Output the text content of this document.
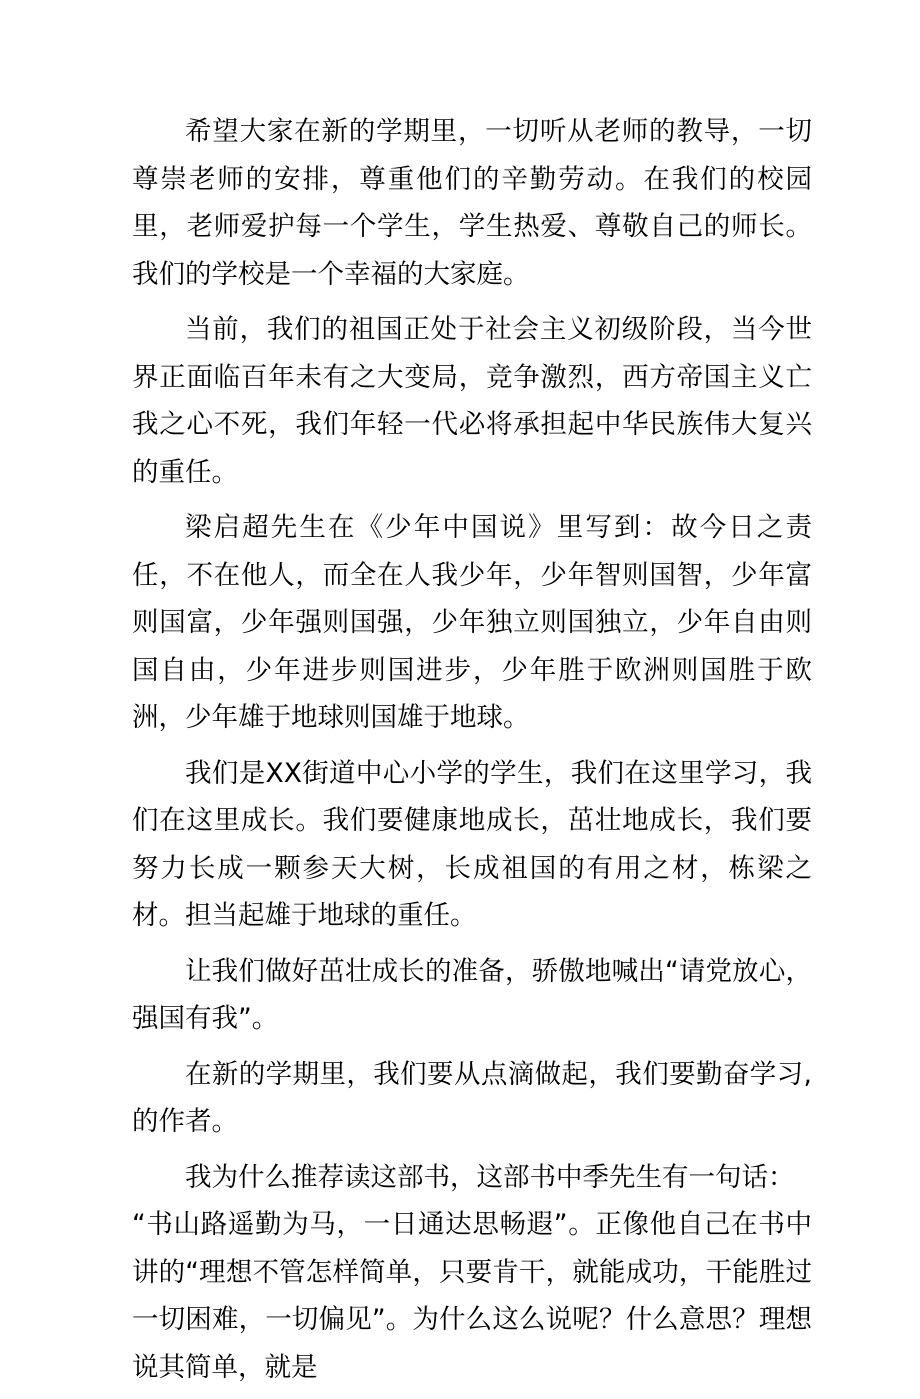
希望大家在新的学期里，一切听从老师的教导，一切尊崇老师的安排，尊重他们的辛勤劳动。在我们的校园里，老师爱护每一个学生，学生热爱、尊敬自己的师长。我们的学校是一个幸福的大家庭。

当前，我们的祖国正处于社会主义初级阶段，当今世界正面临百年未有之大变局，竞争激烈，西方帝国主义亡我之心不死，我们年轻一代必将承担起中华民族伟大复兴的重任。

梁启超先生在《少年中国说》里写到：故今日之责任，不在他人，而全在人我少年，少年智则国智，少年富则国富，少年强则国强，少年独立则国独立，少年自由则国自由，少年进步则国进步，少年胜于欧洲则国胜于欧洲，少年雄于地球则国雄于地球。

我们是XX街道中心小学的学生，我们在这里学习，我们在这里成长。我们要健康地成长，茁壮地成长，我们要努力长成一颗参天大树，长成祖国的有用之材，栋梁之材。担当起雄于地球的重任。

让我们做好茁壮成长的准备，骄傲地喊出“请党放心，强国有我”。

在新的学期里，我们要从点滴做起，我们要勤奋学习,的作者。

我为什么推荐读这部书，这部书中季先生有一句话：

“书山路遥勤为马，一日通达思畅遐”。正像他自己在书中讲的“理想不管怎样简单，只要肯干，就能成功，干能胜过一切困难，一切偏见”。为什么这么说呢？什么意思？理想说其简单，就是
